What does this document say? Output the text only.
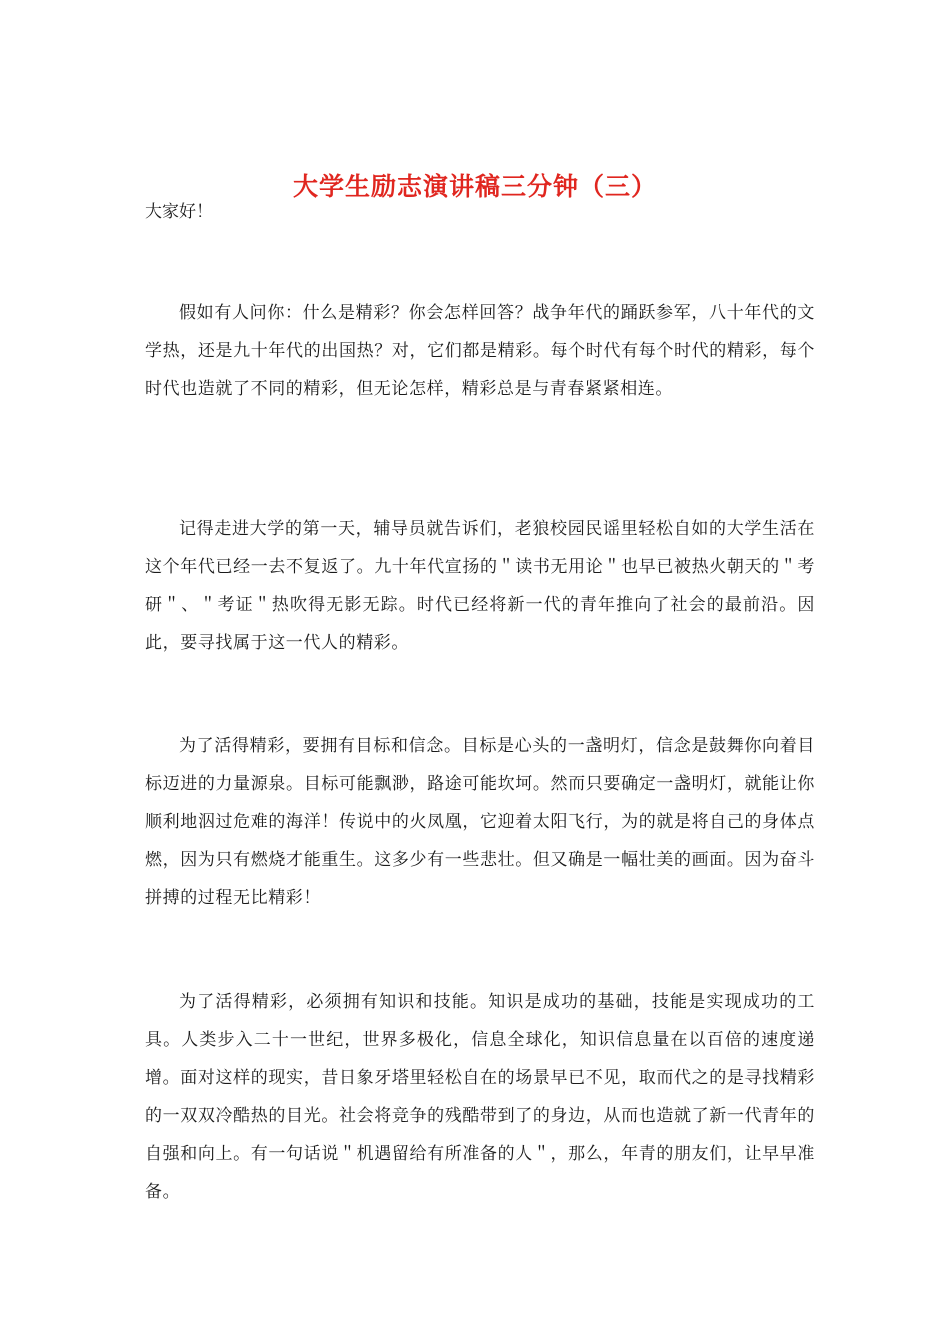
大学生励志演讲稿三分钟（三）

大家好！

假如有人问你：什么是精彩？你会怎样回答？战争年代的踊跃参军，八十年代的文学热，还是九十年代的出国热？对，它们都是精彩。每个时代有每个时代的精彩，每个时代也造就了不同的精彩，但无论怎样，精彩总是与青春紧紧相连。

记得走进大学的第一天，辅导员就告诉们，老狼校园民谣里轻松自如的大学生活在这个年代已经一去不复返了。九十年代宣扬的＂读书无用论＂也早已被热火朝天的＂考研＂、＂考证＂热吹得无影无踪。时代已经将新一代的青年推向了社会的最前沿。因此，要寻找属于这一代人的精彩。

为了活得精彩，要拥有目标和信念。目标是心头的一盏明灯，信念是鼓舞你向着目标迈进的力量源泉。目标可能飘渺，路途可能坎坷。然而只要确定一盏明灯，就能让你顺利地泅过危难的海洋！传说中的火凤凰，它迎着太阳飞行，为的就是将自己的身体点燃，因为只有燃烧才能重生。这多少有一些悲壮。但又确是一幅壮美的画面。因为奋斗拼搏的过程无比精彩！

为了活得精彩，必须拥有知识和技能。知识是成功的基础，技能是实现成功的工具。人类步入二十一世纪，世界多极化，信息全球化，知识信息量在以百倍的速度递增。面对这样的现实，昔日象牙塔里轻松自在的场景早已不见，取而代之的是寻找精彩的一双双冷酷热的目光。社会将竞争的残酷带到了的身边，从而也造就了新一代青年的自强和向上。有一句话说＂机遇留给有所准备的人＂，那么，年青的朋友们，让早早准备。
